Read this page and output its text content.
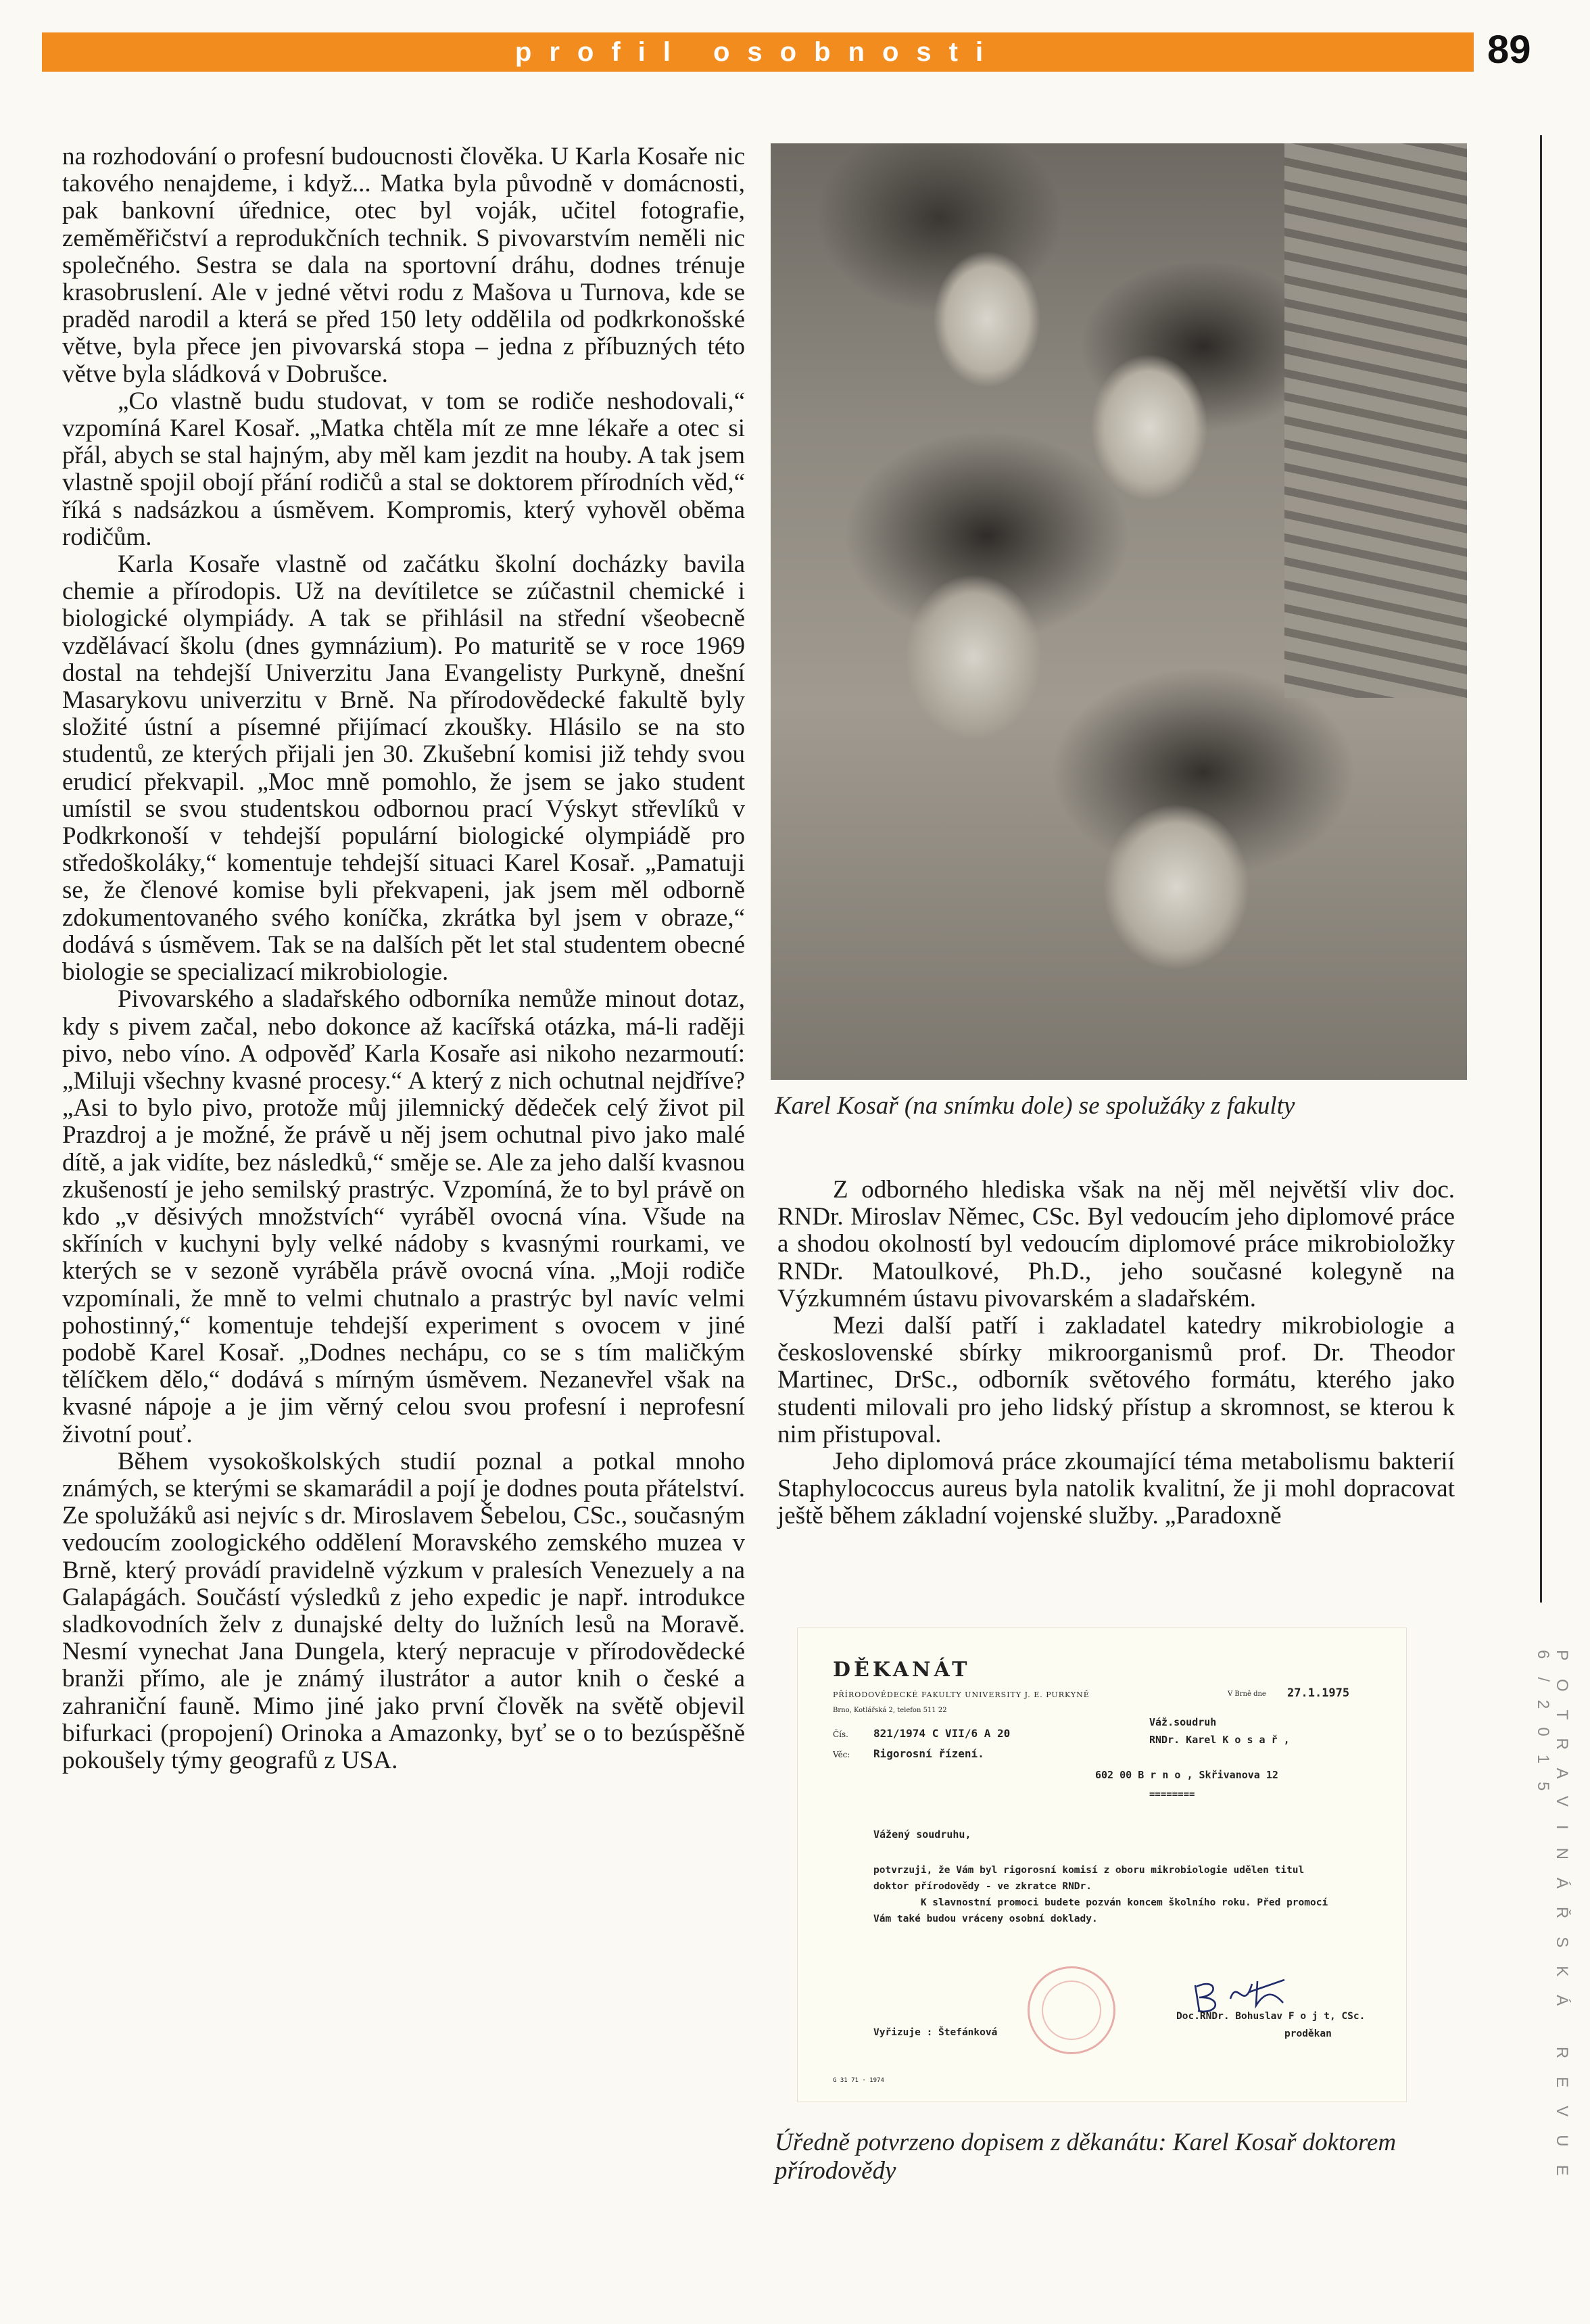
profil osobnosti	89
POTRAVINÁŘSKÁ REVUE 6/2015

na rozhodování o profesní budoucnosti člověka. U Karla Kosaře nic takového nenajdeme, i když... Matka byla původně v domácnosti, pak bankovní úřednice, otec byl voják, učitel fotografie, zeměměřičství a reprodukčních technik. S pivovarstvím neměli nic společného. Sestra se dala na sportovní dráhu, dodnes trénuje krasobruslení. Ale v jedné větvi rodu z Mašova u Turnova, kde se praděd narodil a která se před 150 lety oddělila od podkrkonošské větve, byla přece jen pivovarská stopa – jedna z příbuzných této větve byla sládková v Dobrušce.

„Co vlastně budu studovat, v tom se rodiče neshodovali,“ vzpomíná Karel Kosař. „Matka chtěla mít ze mne lékaře a otec si přál, abych se stal hajným, aby měl kam jezdit na houby. A tak jsem vlastně spojil obojí přání rodičů a stal se doktorem přírodních věd,“ říká s nadsázkou a úsměvem. Kompromis, který vyhověl oběma rodičům.

Karla Kosaře vlastně od začátku školní docházky bavila chemie a přírodopis. Už na devítiletce se zúčastnil chemické i biologické olympiády. A tak se přihlásil na střední všeobecně vzdělávací školu (dnes gymnázium). Po maturitě se v roce 1969 dostal na tehdejší Univerzitu Jana Evangelisty Purkyně, dnešní Masarykovu univerzitu v Brně. Na přírodovědecké fakultě byly složité ústní a písemné přijímací zkoušky. Hlásilo se na sto studentů, ze kterých přijali jen 30. Zkušební komisi již tehdy svou erudicí překvapil. „Moc mně pomohlo, že jsem se jako student umístil se svou studentskou odbornou prací Výskyt střevlíků v Podkrkonoší v tehdejší populární biologické olympiádě pro středoškoláky,“ komentuje tehdejší situaci Karel Kosař. „Pamatuji se, že členové komise byli překvapeni, jak jsem měl odborně zdokumentovaného svého koníčka, zkrátka byl jsem v obraze,“ dodává s úsměvem. Tak se na dalších pět let stal studentem obecné biologie se specializací mikrobiologie.

Pivovarského a sladařského odborníka nemůže minout dotaz, kdy s pivem začal, nebo dokonce až kacířská otázka, má-li raději pivo, nebo víno. A odpověď Karla Kosaře asi nikoho nezarmoutí: „Miluji všechny kvasné procesy.“ A který z nich ochutnal nejdříve? „Asi to bylo pivo, protože můj jilemnický dědeček celý život pil Prazdroj a je možné, že právě u něj jsem ochutnal pivo jako malé dítě, a jak vidíte, bez následků,“ směje se. Ale za jeho další kvasnou zkušeností je jeho semilský prastrýc. Vzpomíná, že to byl právě on kdo „v děsivých množstvích“ vyráběl ovocná vína. Všude na skříních v kuchyni byly velké nádoby s kvasnými rourkami, ve kterých se v sezoně vyráběla právě ovocná vína. „Moji rodiče vzpomínali, že mně to velmi chutnalo a prastrýc byl navíc velmi pohostinný,“ komentuje tehdejší experiment s ovocem v jiné podobě Karel Kosař. „Dodnes nechápu, co se s tím maličkým tělíčkem dělo,“ dodává s mírným úsměvem. Nezanevřel však na kvasné nápoje a je jim věrný celou svou profesní i neprofesní životní pouť.

Během vysokoškolských studií poznal a potkal mnoho známých, se kterými se skamarádil a pojí je dodnes pouta přátelství. Ze spolužáků asi nejvíc s dr. Miroslavem Šebelou, CSc., současným vedoucím zoologického oddělení Moravského zemského muzea v Brně, který provádí pravidelně výzkum v pralesích Venezuely a na Galapágách. Součástí výsledků z jeho expedic je např. introdukce sladkovodních želv z dunajské delty do lužních lesů na Moravě. Nesmí vynechat Jana Dungela, který nepracuje v přírodovědecké branži přímo, ale je známý ilustrátor a autor knih o české a zahraniční fauně. Mimo jiné jako první člověk na světě objevil bifurkaci (propojení) Orinoka a Amazonky, byť se o to bezúspěšně pokoušely týmy geografů z USA.

Karel Kosař (na snímku dole) se spolužáky z fakulty

Z odborného hlediska však na něj měl největší vliv doc. RNDr. Miroslav Němec, CSc. Byl vedoucím jeho diplomové práce a shodou okolností byl vedoucím diplomové práce mikrobioložky RNDr. Matoulkové, Ph.D., jeho současné kolegyně na Výzkumném ústavu pivovarském a sladařském.

Mezi další patří i zakladatel katedry mikrobiologie a československé sbírky mikroorganismů prof. Dr. Theodor Martinec, DrSc., odborník světového formátu, kterého jako studenti milovali pro jeho lidský přístup a skromnost, se kterou k nim přistupoval.

Jeho diplomová práce zkoumající téma metabolismu bakterií Staphylococcus aureus byla natolik kvalitní, že ji mohl dopracovat ještě během základní vojenské služby. „Paradoxně

DĚKANÁT
PŘÍRODOVĚDECKÉ FAKULTY UNIVERSITY J. E. PURKYNĚ
Brno, Kotlářská 2, telefon 511 22
V Brně dne	27.1.1975
Čís.	821/1974 C VII/6 A 20
Věc:	Rigorosní řízení.
Váž.soudruh
RNDr. Karel K o s a ř ,
602 00 B r n o , Skřivanova 12
========
Vážený soudruhu,
potvrzuji, že Vám byl rigorosní komisí z oboru mikrobiologie udělen titul
doktor přírodovědy - ve zkratce RNDr.
K slavnostní promoci budete pozván koncem školního roku. Před promocí
Vám také budou vráceny osobní doklady.
Doc.RNDr. Bohuslav F o j t, CSc.
proděkan
Vyřizuje : Štefánková
G 31 71 · 1974
Úředně potvrzeno dopisem z děkanátu: Karel Kosař doktorem přírodovědy
